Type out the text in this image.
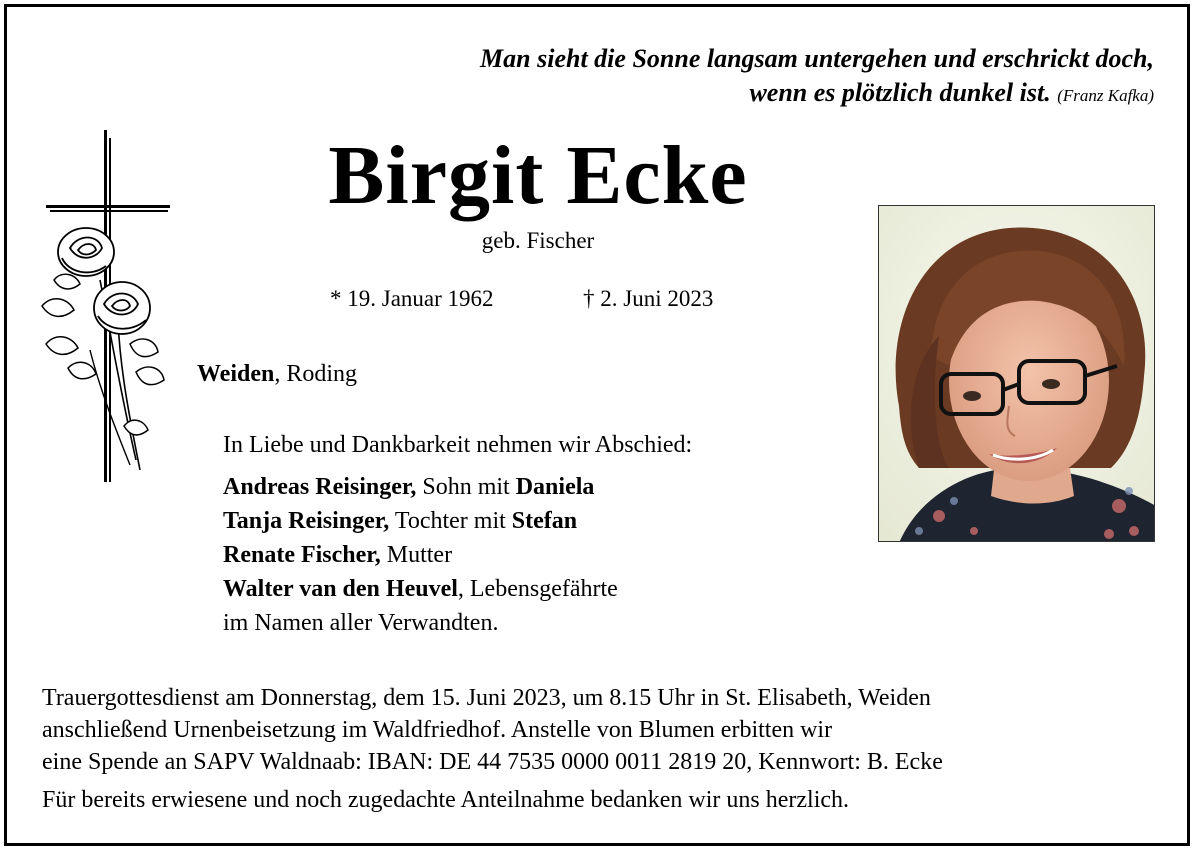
Man sieht die Sonne langsam untergehen und erschrickt doch,
wenn es plötzlich dunkel ist. (Franz Kafka)
Birgit Ecke
geb. Fischer
* 19. Januar 1962	† 2. Juni 2023
Weiden, Roding
In Liebe und Dankbarkeit nehmen wir Abschied:
Andreas Reisinger, Sohn mit Daniela
Tanja Reisinger, Tochter mit Stefan
Renate Fischer, Mutter
Walter van den Heuvel, Lebensgefährte
im Namen aller Verwandten.
Trauergottesdienst am Donnerstag, dem 15. Juni 2023, um 8.15 Uhr in St. Elisabeth, Weiden
anschließend Urnenbeisetzung im Waldfriedhof. Anstelle von Blumen erbitten wir
eine Spende an SAPV Waldnaab: IBAN: DE 44 7535 0000 0011 2819 20, Kennwort: B. Ecke
Für bereits erwiesene und noch zugedachte Anteilnahme bedanken wir uns herzlich.
